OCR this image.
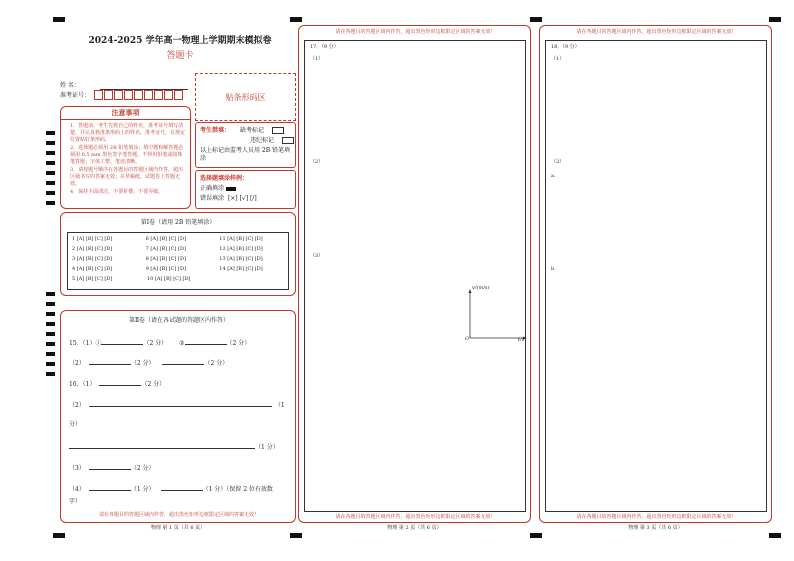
2024-2025 学年高一物理上学期期末模拟卷
答题卡
姓 名：
准考证号：	贴条形码区
注意事项
1．答题前，考生先将自己的姓名，准考证号填写清楚，并认真核准条形码上的姓名、准考证号，在规定位置贴好条形码。
2．选择题必须用 2B 铅笔填涂；填空题和解答题必须用 0.5 mm 黑色签字笔答题，不得用铅笔或圆珠笔答题；字体工整、笔迹清晰。
3．请按题号顺序在各题目的答题区域内作答，超出区域书写的答案无效；在草稿纸、试题卷上答题无效。
4．保持卡面清洁，不要折叠、不要弄破。
考生禁填： 缺考标记
违纪标记
以上标记由监考人员用 2B 铅笔填涂
选择题填涂样例：
正确填涂
错误填涂 [×] [√] [/]
第Ⅰ卷（请用 2B 铅笔填涂）
1 [A] [B] [C] [D]	6 [A] [B] [C] [D]	11 [A] [B] [C] [D]
2 [A] [B] [C] [D]	7 [A] [B] [C] [D]	12 [A] [B] [C] [D]
3 [A] [B] [C] [D]	8 [A] [B] [C] [D]	13 [A] [B] [C] [D]
4 [A] [B] [C] [D]	9 [A] [B] [C] [D]	14 [A] [B] [C] [D]
5 [A] [B] [C] [D]	10 [A] [B] [C] [D]
第Ⅱ卷（请在各试题的答题区内作答）
15．（1）①	（2 分） ②	（2 分）
（2）	（2 分）	（2 分）
16．（1）	（2 分）
（2）	（1
分）
（1 分）
（3）	（2 分）
（4）	（1 分）	（1 分）（保留 2 位有效数
字）
请在各题目的答题区域内作答，超出黑色矩形边框限定区域的答案无效！
物理 第 1 页（共 6 页）
请在各题目的答题区域内作答，超出黑色矩形边框限定区域的答案无效！
17．（9 分）
（1）
（2）
（3）
v/(m/s)
O	t/s
请在各题目的答题区域内作答，超出黑色矩形边框限定区域的答案无效！
物理 第 2 页（共 6 页）
请在各题目的答题区域内作答，超出黑色矩形边框限定区域的答案无效！
18．（9 分）
（1）
（2）
a.
b.
请在各题目的答题区域内作答，超出黑色矩形边框限定区域的答案无效！
物理 第 3 页（共 6 页）
